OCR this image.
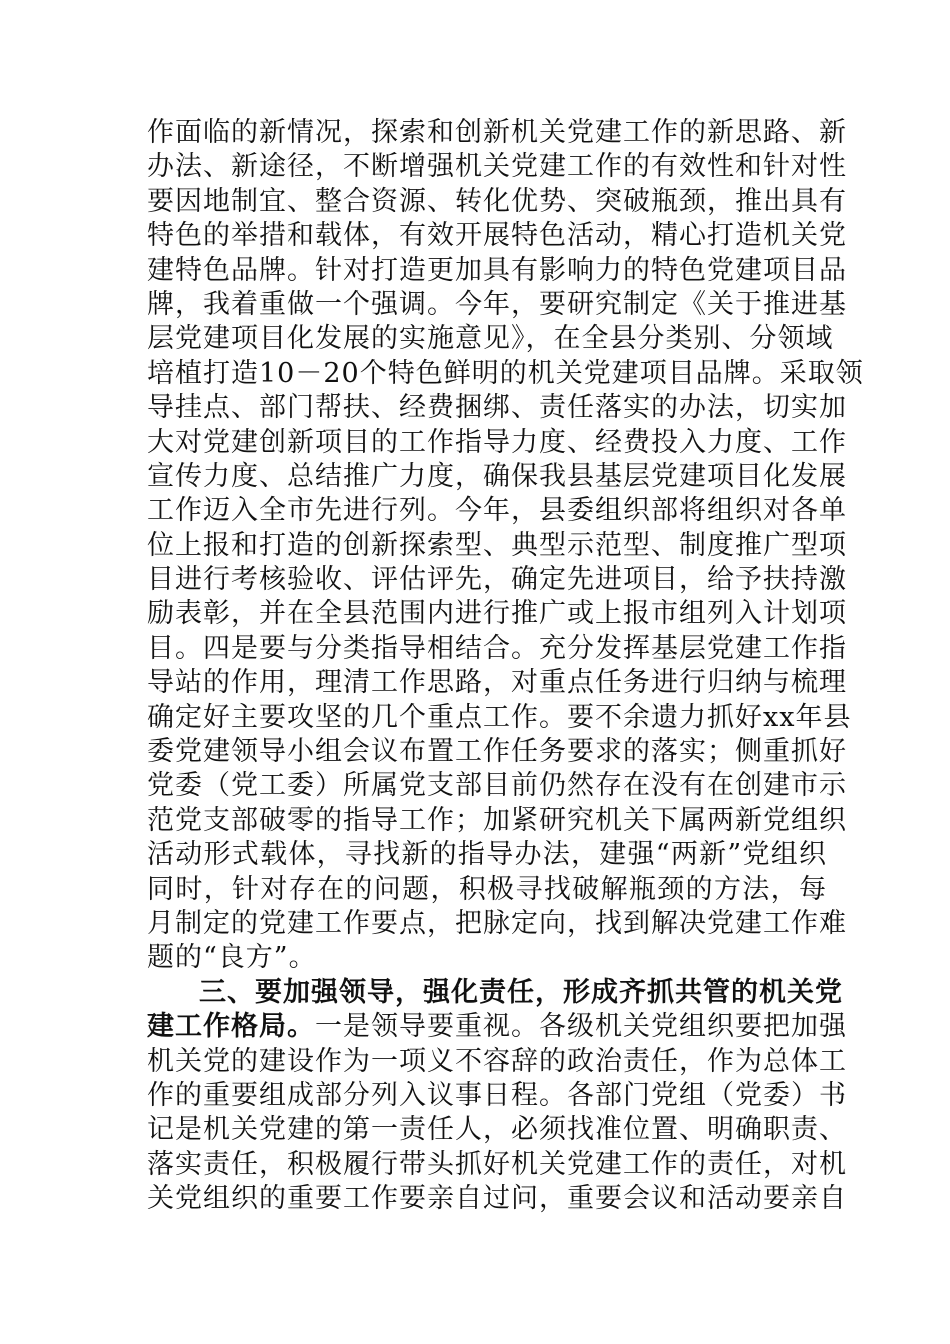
作面临的新情况，探索和创新机关党建工作的新思路、新
办法、新途径，不断增强机关党建工作的有效性和针对性
要因地制宜、整合资源、转化优势、突破瓶颈，推出具有
特色的举措和载体，有效开展特色活动，精心打造机关党
建特色品牌。针对打造更加具有影响力的特色党建项目品
牌，我着重做一个强调。今年，要研究制定《关于推进基
层党建项目化发展的实施意见》，在全县分类别、分领域
培植打造10－20个特色鲜明的机关党建项目品牌。采取领
导挂点、部门帮扶、经费捆绑、责任落实的办法，切实加
大对党建创新项目的工作指导力度、经费投入力度、工作
宣传力度、总结推广力度，确保我县基层党建项目化发展
工作迈入全市先进行列。今年，县委组织部将组织对各单
位上报和打造的创新探索型、典型示范型、制度推广型项
目进行考核验收、评估评先，确定先进项目，给予扶持激
励表彰，并在全县范围内进行推广或上报市组列入计划项
目。四是要与分类指导相结合。充分发挥基层党建工作指
导站的作用，理清工作思路，对重点任务进行归纳与梳理
确定好主要攻坚的几个重点工作。要不余遗力抓好xx年县
委党建领导小组会议布置工作任务要求的落实；侧重抓好
党委（党工委）所属党支部目前仍然存在没有在创建市示
范党支部破零的指导工作；加紧研究机关下属两新党组织
活动形式载体，寻找新的指导办法，建强“两新”党组织
同时，针对存在的问题，积极寻找破解瓶颈的方法，每
月制定的党建工作要点，把脉定向，找到解决党建工作难
题的“良方”。
三、要加强领导，强化责任，形成齐抓共管的机关党
建工作格局。一是领导要重视。各级机关党组织要把加强
机关党的建设作为一项义不容辞的政治责任，作为总体工
作的重要组成部分列入议事日程。各部门党组（党委）书
记是机关党建的第一责任人，必须找准位置、明确职责、
落实责任，积极履行带头抓好机关党建工作的责任，对机
关党组织的重要工作要亲自过问，重要会议和活动要亲自
